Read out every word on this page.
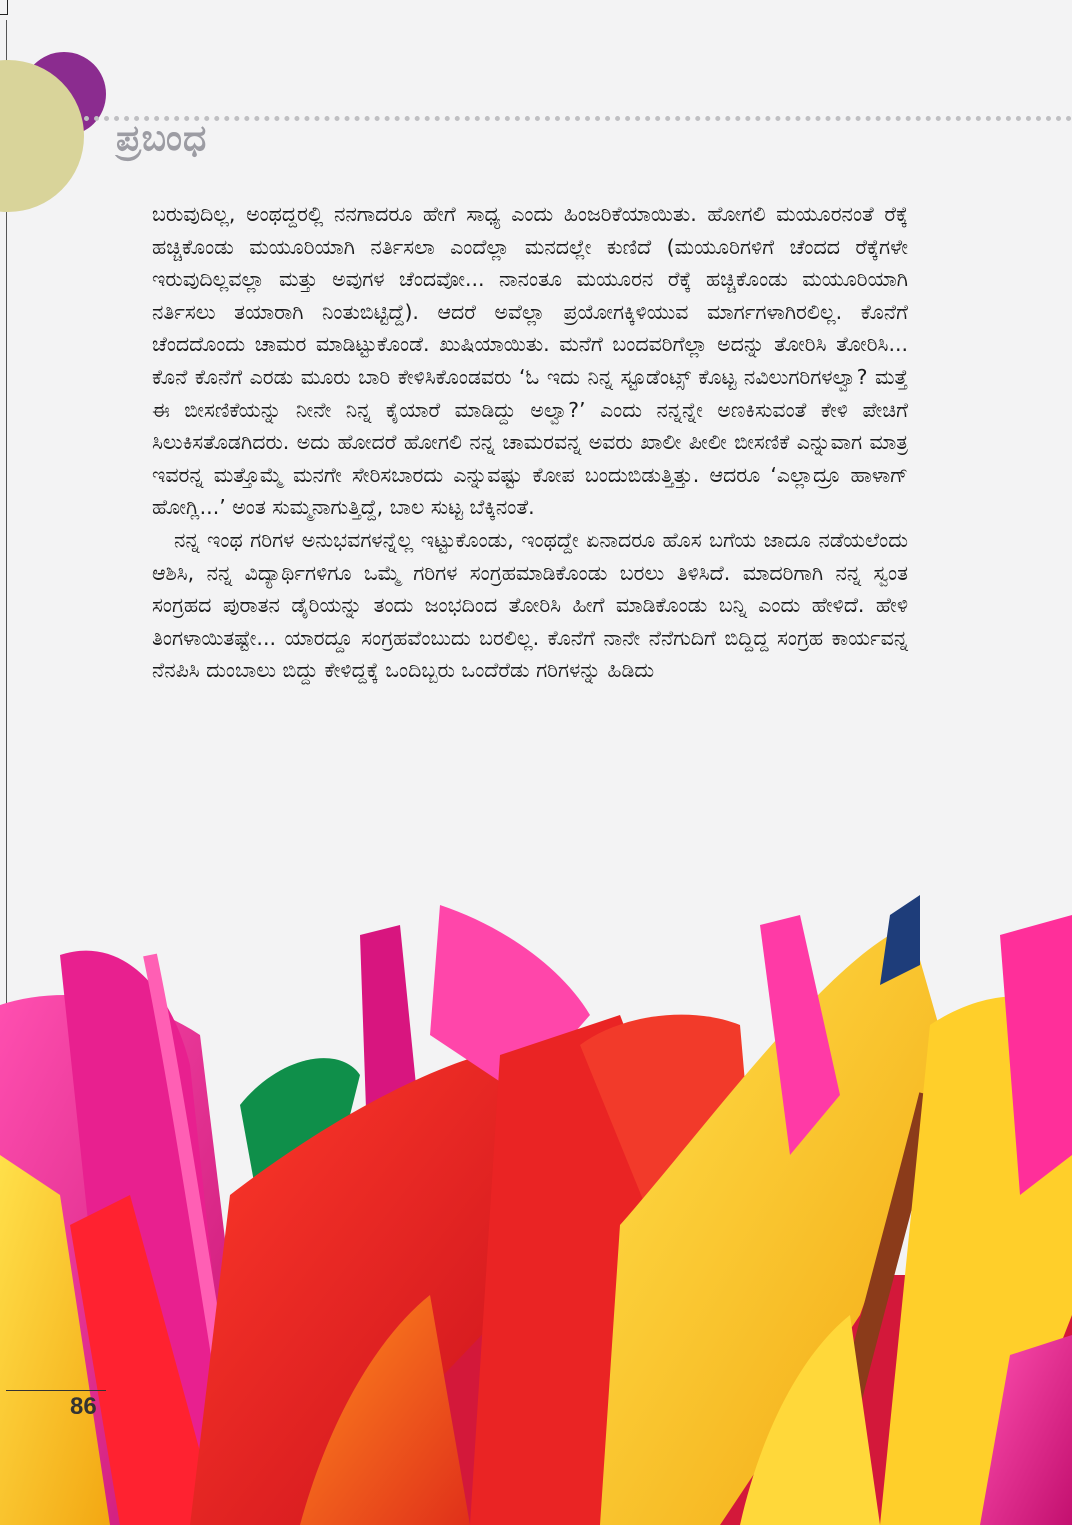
ಪ್ರಬಂಧ

ಬರುವುದಿಲ್ಲ, ಅಂಥದ್ದರಲ್ಲಿ ನನಗಾದರೂ ಹೇಗೆ ಸಾಧ್ಯ ಎಂದು ಹಿಂಜರಿಕೆಯಾಯಿತು. ಹೋಗಲಿ ಮಯೂರನಂತೆ ರೆಕ್ಕೆ ಹಚ್ಚಿಕೊಂಡು ಮಯೂರಿಯಾಗಿ ನರ್ತಿಸಲಾ ಎಂದೆಲ್ಲಾ ಮನದಲ್ಲೇ ಕುಣಿದೆ (ಮಯೂರಿಗಳಿಗೆ ಚೆಂದದ ರೆಕ್ಕೆಗಳೇ ಇರುವುದಿಲ್ಲವಲ್ಲಾ ಮತ್ತು ಅವುಗಳ ಚೆಂದವೋ... ನಾನಂತೂ ಮಯೂರನ ರೆಕ್ಕೆ ಹಚ್ಚಿಕೊಂಡು ಮಯೂರಿಯಾಗಿ ನರ್ತಿಸಲು ತಯಾರಾಗಿ ನಿಂತುಬಿಟ್ಟಿದ್ದೆ). ಆದರೆ ಅವೆಲ್ಲಾ ಪ್ರಯೋಗಕ್ಕಿಳಿಯುವ ಮಾರ್ಗಗಳಾಗಿರಲಿಲ್ಲ. ಕೊನೆಗೆ ಚೆಂದದೊಂದು ಚಾಮರ ಮಾಡಿಟ್ಟುಕೊಂಡೆ. ಖುಷಿಯಾಯಿತು. ಮನೆಗೆ ಬಂದವರಿಗೆಲ್ಲಾ ಅದನ್ನು ತೋರಿಸಿ ತೋರಿಸಿ... ಕೊನೆ ಕೊನೆಗೆ ಎರಡು ಮೂರು ಬಾರಿ ಕೇಳಿಸಿಕೊಂಡವರು ‘ಓ ಇದು ನಿನ್ನ ಸ್ಟೂಡೆಂಟ್ಸ್ ಕೊಟ್ಟ ನವಿಲುಗರಿಗಳಲ್ವಾ? ಮತ್ತೆ ಈ ಬೀಸಣಿಕೆಯನ್ನು ನೀನೇ ನಿನ್ನ ಕೈಯಾರೆ ಮಾಡಿದ್ದು ಅಲ್ವಾ?’ ಎಂದು ನನ್ನನ್ನೇ ಅಣಕಿಸುವಂತೆ ಕೇಳಿ ಪೇಚಿಗೆ ಸಿಲುಕಿಸತೊಡಗಿದರು. ಅದು ಹೋದರೆ ಹೋಗಲಿ ನನ್ನ ಚಾಮರವನ್ನ ಅವರು ಖಾಲೀ ಪೀಲೀ ಬೀಸಣಿಕೆ ಎನ್ನುವಾಗ ಮಾತ್ರ ಇವರನ್ನ ಮತ್ತೊಮ್ಮೆ ಮನಗೇ ಸೇರಿಸಬಾರದು ಎನ್ನುವಷ್ಟು ಕೋಪ ಬಂದುಬಿಡುತ್ತಿತ್ತು. ಆದರೂ ‘ಎಲ್ಲಾದ್ರೂ ಹಾಳಾಗ್ ಹೋಗ್ಲಿ...’ ಅಂತ ಸುಮ್ಮನಾಗುತ್ತಿದ್ದೆ, ಬಾಲ ಸುಟ್ಟ ಬೆಕ್ಕಿನಂತೆ.

ನನ್ನ ಇಂಥ ಗರಿಗಳ ಅನುಭವಗಳನ್ನೆಲ್ಲ ಇಟ್ಟುಕೊಂಡು, ಇಂಥದ್ದೇ ಏನಾದರೂ ಹೊಸ ಬಗೆಯ ಜಾದೂ ನಡೆಯಲೆಂದು ಆಶಿಸಿ, ನನ್ನ ವಿದ್ಯಾರ್ಥಿಗಳಿಗೂ ಒಮ್ಮೆ ಗರಿಗಳ ಸಂಗ್ರಹಮಾಡಿಕೊಂಡು ಬರಲು ತಿಳಿಸಿದೆ. ಮಾದರಿಗಾಗಿ ನನ್ನ ಸ್ವಂತ ಸಂಗ್ರಹದ ಪುರಾತನ ಡೈರಿಯನ್ನು ತಂದು ಜಂಭದಿಂದ ತೋರಿಸಿ ಹೀಗೆ ಮಾಡಿಕೊಂಡು ಬನ್ನಿ ಎಂದು ಹೇಳಿದೆ. ಹೇಳಿ ತಿಂಗಳಾಯಿತಷ್ಟೇ... ಯಾರದ್ದೂ ಸಂಗ್ರಹವೆಂಬುದು ಬರಲಿಲ್ಲ. ಕೊನೆಗೆ ನಾನೇ ನೆನೆಗುದಿಗೆ ಬಿದ್ದಿದ್ದ ಸಂಗ್ರಹ ಕಾರ್ಯವನ್ನ ನೆನಪಿಸಿ ದುಂಬಾಲು ಬಿದ್ದು ಕೇಳಿದ್ದಕ್ಕೆ ಒಂದಿಬ್ಬರು ಒಂದೆರೆಡು ಗರಿಗಳನ್ನು ಹಿಡಿದು

86
